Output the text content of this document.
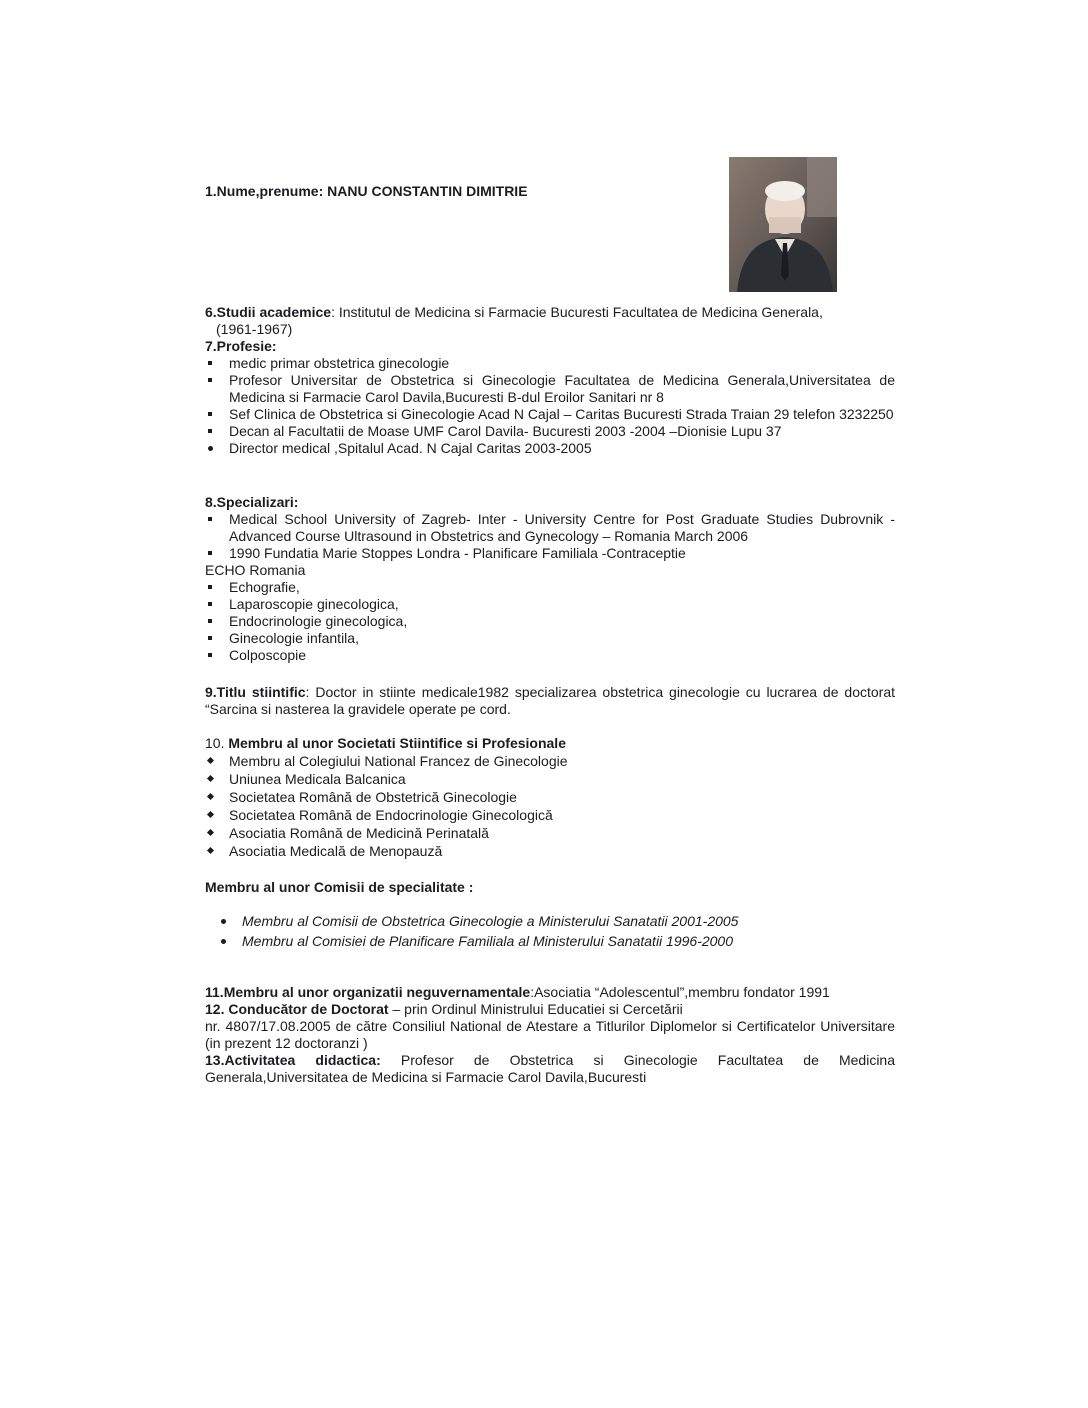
1.Nume,prenume: NANU CONSTANTIN DIMITRIE
6.Studii academice: Institutul de Medicina si Farmacie Bucuresti Facultatea de Medicina Generala,
(1961-1967)
7.Profesie:
medic primar obstetrica ginecologie
Profesor Universitar de Obstetrica si Ginecologie Facultatea de Medicina Generala,Universitatea de Medicina si Farmacie Carol Davila,Bucuresti B-dul Eroilor Sanitari nr 8
Sef Clinica de Obstetrica si Ginecologie Acad N Cajal – Caritas Bucuresti Strada Traian 29 telefon 3232250
Decan al Facultatii de Moase UMF Carol Davila- Bucuresti 2003 -2004 –Dionisie Lupu 37
Director medical ,Spitalul Acad. N Cajal Caritas 2003-2005
8.Specializari:
Medical School University of Zagreb- Inter - University Centre for Post Graduate Studies Dubrovnik -Advanced Course Ultrasound in Obstetrics and Gynecology – Romania March 2006
1990 Fundatia Marie Stoppes Londra - Planificare Familiala -Contraceptie
ECHO Romania
Echografie,
Laparoscopie ginecologica,
Endocrinologie ginecologica,
Ginecologie infantila,
Colposcopie
9.Titlu stiintific: Doctor in stiinte medicale1982 specializarea obstetrica ginecologie cu lucrarea de doctorat “Sarcina si nasterea la gravidele operate pe cord.
10. Membru al unor Societati Stiintifice si Profesionale
Membru al Colegiului National Francez de Ginecologie
Uniunea Medicala Balcanica
Societatea Română de Obstetrică Ginecologie
Societatea Română de Endocrinologie Ginecologică
Asociatia Română de Medicină Perinatală
Asociatia Medicală de Menopauză
Membru al unor Comisii de specialitate :
Membru al Comisii de Obstetrica Ginecologie a Ministerului Sanatatii 2001-2005
Membru al Comisiei de Planificare Familiala al Ministerului Sanatatii 1996-2000
11.Membru al unor organizatii neguvernamentale:Asociatia “Adolescentul”,membru fondator 1991
12. Conducător de Doctorat – prin Ordinul Ministrului Educatiei si Cercetării
nr. 4807/17.08.2005 de către Consiliul National de Atestare a Titlurilor Diplomelor si Certificatelor Universitare (in prezent 12 doctoranzi )
13.Activitatea didactica: Profesor de Obstetrica si Ginecologie Facultatea de Medicina Generala,Universitatea de Medicina si Farmacie Carol Davila,Bucuresti
